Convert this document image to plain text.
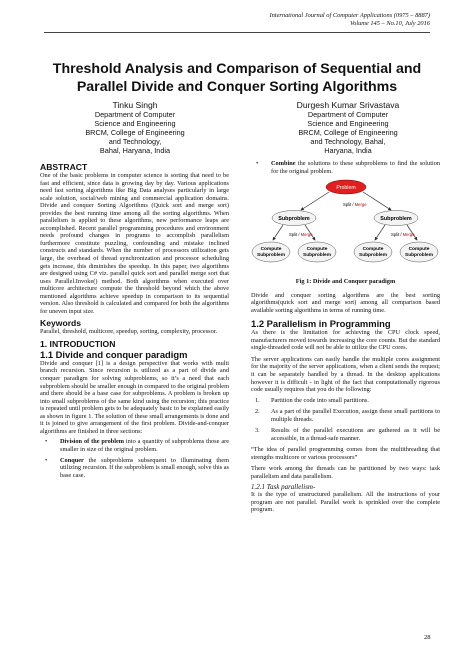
International Journal of Computer Applications (0975 – 8887)
Volume 145 – No.10, July 2016
Threshold Analysis and Comparison of Sequential and Parallel Divide and Conquer Sorting Algorithms
Tinku Singh
Department of Computer
Science and Engineering
BRCM, College of Engineering
and Technology,
Bahal, Haryana, India
Durgesh Kumar Srivastava
Department of Computer
Science and Engineering
BRCM, College of Engineering
and Technology, Bahal,
Haryana, India
ABSTRACT

One of the basic problems in computer science is sorting that need to be fast and efficient, since data is growing day by day. Various applications need fast sorting algorithms like Big Data analyses particularly in large scale solution, social/web mining and commercial application domains. Divide and conquer Sorting Algorithms (Quick sort and merge sort) provides the best running time among all the sorting algorithms. When parallelism is applied to these algorithms, new performance leaps are accomplished. Recent parallel programming procedures and environment needs profound changes in programs to accomplish parallelism furthermore constitute puzzling, confounding and mistake inclined constructs and standards. When the number of processors utilization gets large, the overhead of thread synchronization and processor scheduling gets increase, this diminishes the speedup. In this paper, two algorithms are designed using C# viz. parallel quick sort and parallel merge sort that uses Parallel.Invoke() method. Both algorithms when executed over multicore architecture compute the threshold beyond which the above mentioned algorithms achieve speedup in comparison to its sequential version. Also threshold is calculated and compared for both the algorithms for uneven input size.

Keywords

Parallel, threshold, multicore, speedup, sorting, complexity, processor.

1. INTRODUCTION
1.1 Divide and conquer paradigm

Divide and conquer [1] is a design perspective that works with multi branch recursion. Since recursion is utilized as a part of divide and conquer paradigm for solving subproblems, so it’s a need that each subproblem should be smaller enough in compared to the original problem and there should be a base case for subproblems. A problem is broken up into small subproblems of the same kind using the recursion; this practice is repeated until problem gets to be adequately basic to be explained easily as shown in figure 1. The solution of these small arrangements is done and it is joined to give arrangement of the first problem. Divide-and-conquer algorithms are finished in three sections:

• Division of the problem into a quantity of subproblems those are smaller in size of the original problem.
• Conquer the subproblems subsequent to illuminating them utilizing recursion. If the subproblem is small enough, solve this as base case.
• Combine the solutions to these subproblems to find the solution for the original problem.
Problem
Subproblem	Subproblem
Compute
Subproblem
Compute
Subproblem
Compute
Subproblem
Compute
Subproblem
Split / Merge
Split / Merge	Split / Merge
Fig 1: Divide and Conquer paradigm

Divide and conquer sorting algorithms are the best sorting algorithms(quick sort and merge sort) among all comparison based available sorting algorithms in terms of running time.

1.2 Parallelism in Programming

As there is the limitation for achieving the CPU clock speed, manufacturers moved towards increasing the core counts. But the standard single-threaded code will not be able to utilize the CPU cores.

The server applications can easily handle the multiple cores assignment for the majority of the server applications, when a client sends the request; it can be separately handled by a thread. In the desktop applications however it is difficult - in light of the fact that computationally rigorous code usually requires that you do the following:

1. Partition the code into small partitions.
2. As a part of the parallel Execution, assign these small partitions to multiple threads.
3. Results of the parallel executions are gathered as it will be accessible, in a thread-safe manner.

“The idea of parallel programming comes from the multithreading that strengths multicore or various processors”

There work among the threads can be partitioned by two ways: task parallelism and data parallelism.

1.2.1 Task parallelism-

It is the type of unstructured parallelism. All the instructions of your program are not parallel. Parallel work is sprinkled over the complete program.

28
